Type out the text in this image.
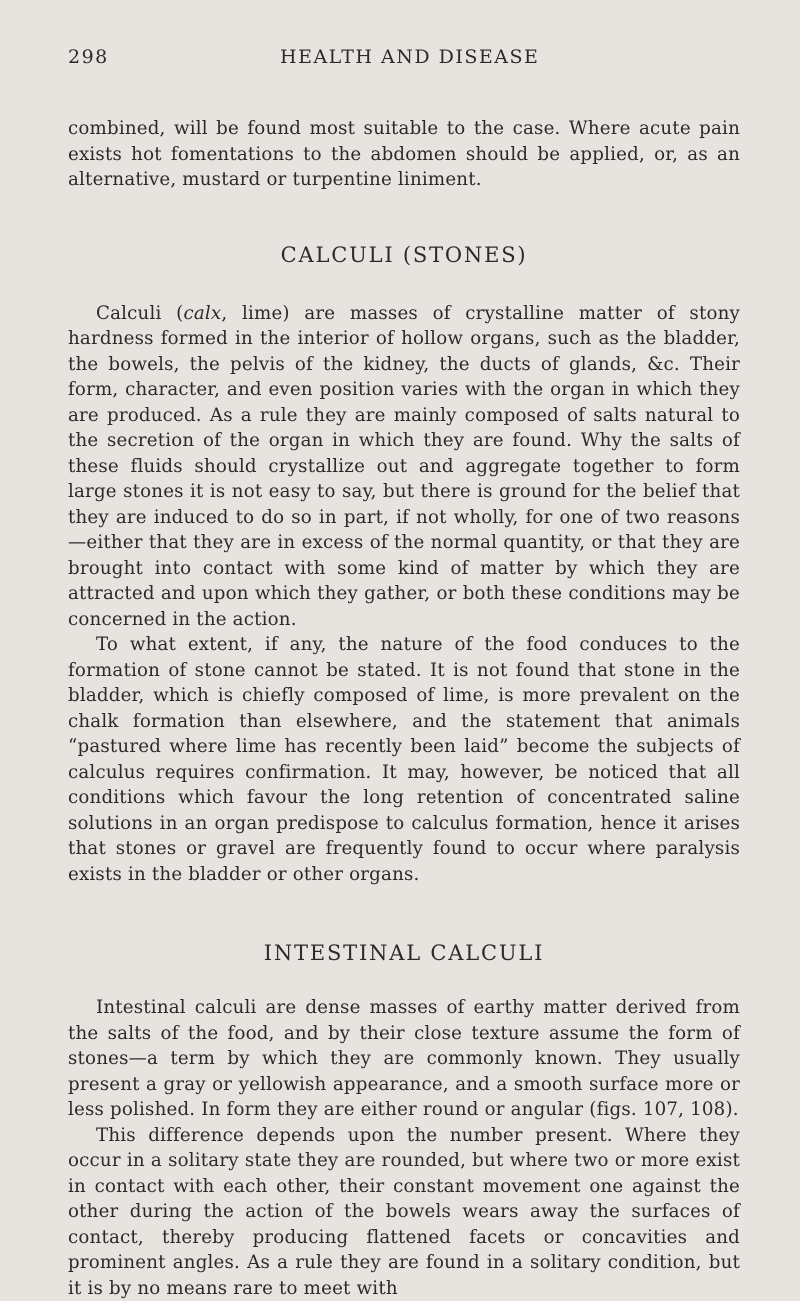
298	HEALTH AND DISEASE

combined, will be found most suitable to the case. Where acute pain exists hot fomentations to the abdomen should be applied, or, as an alternative, mustard or turpentine liniment.

CALCULI (STONES)

Calculi (calx, lime) are masses of crystalline matter of stony hardness formed in the interior of hollow organs, such as the bladder, the bowels, the pelvis of the kidney, the ducts of glands, &c. Their form, character, and even position varies with the organ in which they are produced. As a rule they are mainly composed of salts natural to the secretion of the organ in which they are found. Why the salts of these fluids should crystallize out and aggregate together to form large stones it is not easy to say, but there is ground for the belief that they are induced to do so in part, if not wholly, for one of two reasons—either that they are in excess of the normal quantity, or that they are brought into contact with some kind of matter by which they are attracted and upon which they gather, or both these conditions may be concerned in the action.

To what extent, if any, the nature of the food conduces to the formation of stone cannot be stated. It is not found that stone in the bladder, which is chiefly composed of lime, is more prevalent on the chalk formation than elsewhere, and the statement that animals “pastured where lime has recently been laid” become the subjects of calculus requires confirmation. It may, however, be noticed that all conditions which favour the long retention of concentrated saline solutions in an organ predispose to calculus formation, hence it arises that stones or gravel are frequently found to occur where paralysis exists in the bladder or other organs.

INTESTINAL CALCULI

Intestinal calculi are dense masses of earthy matter derived from the salts of the food, and by their close texture assume the form of stones—a term by which they are commonly known. They usually present a gray or yellowish appearance, and a smooth surface more or less polished. In form they are either round or angular (figs. 107, 108).

This difference depends upon the number present. Where they occur in a solitary state they are rounded, but where two or more exist in contact with each other, their constant movement one against the other during the action of the bowels wears away the surfaces of contact, thereby producing flattened facets or concavities and prominent angles. As a rule they are found in a solitary condition, but it is by no means rare to meet with
